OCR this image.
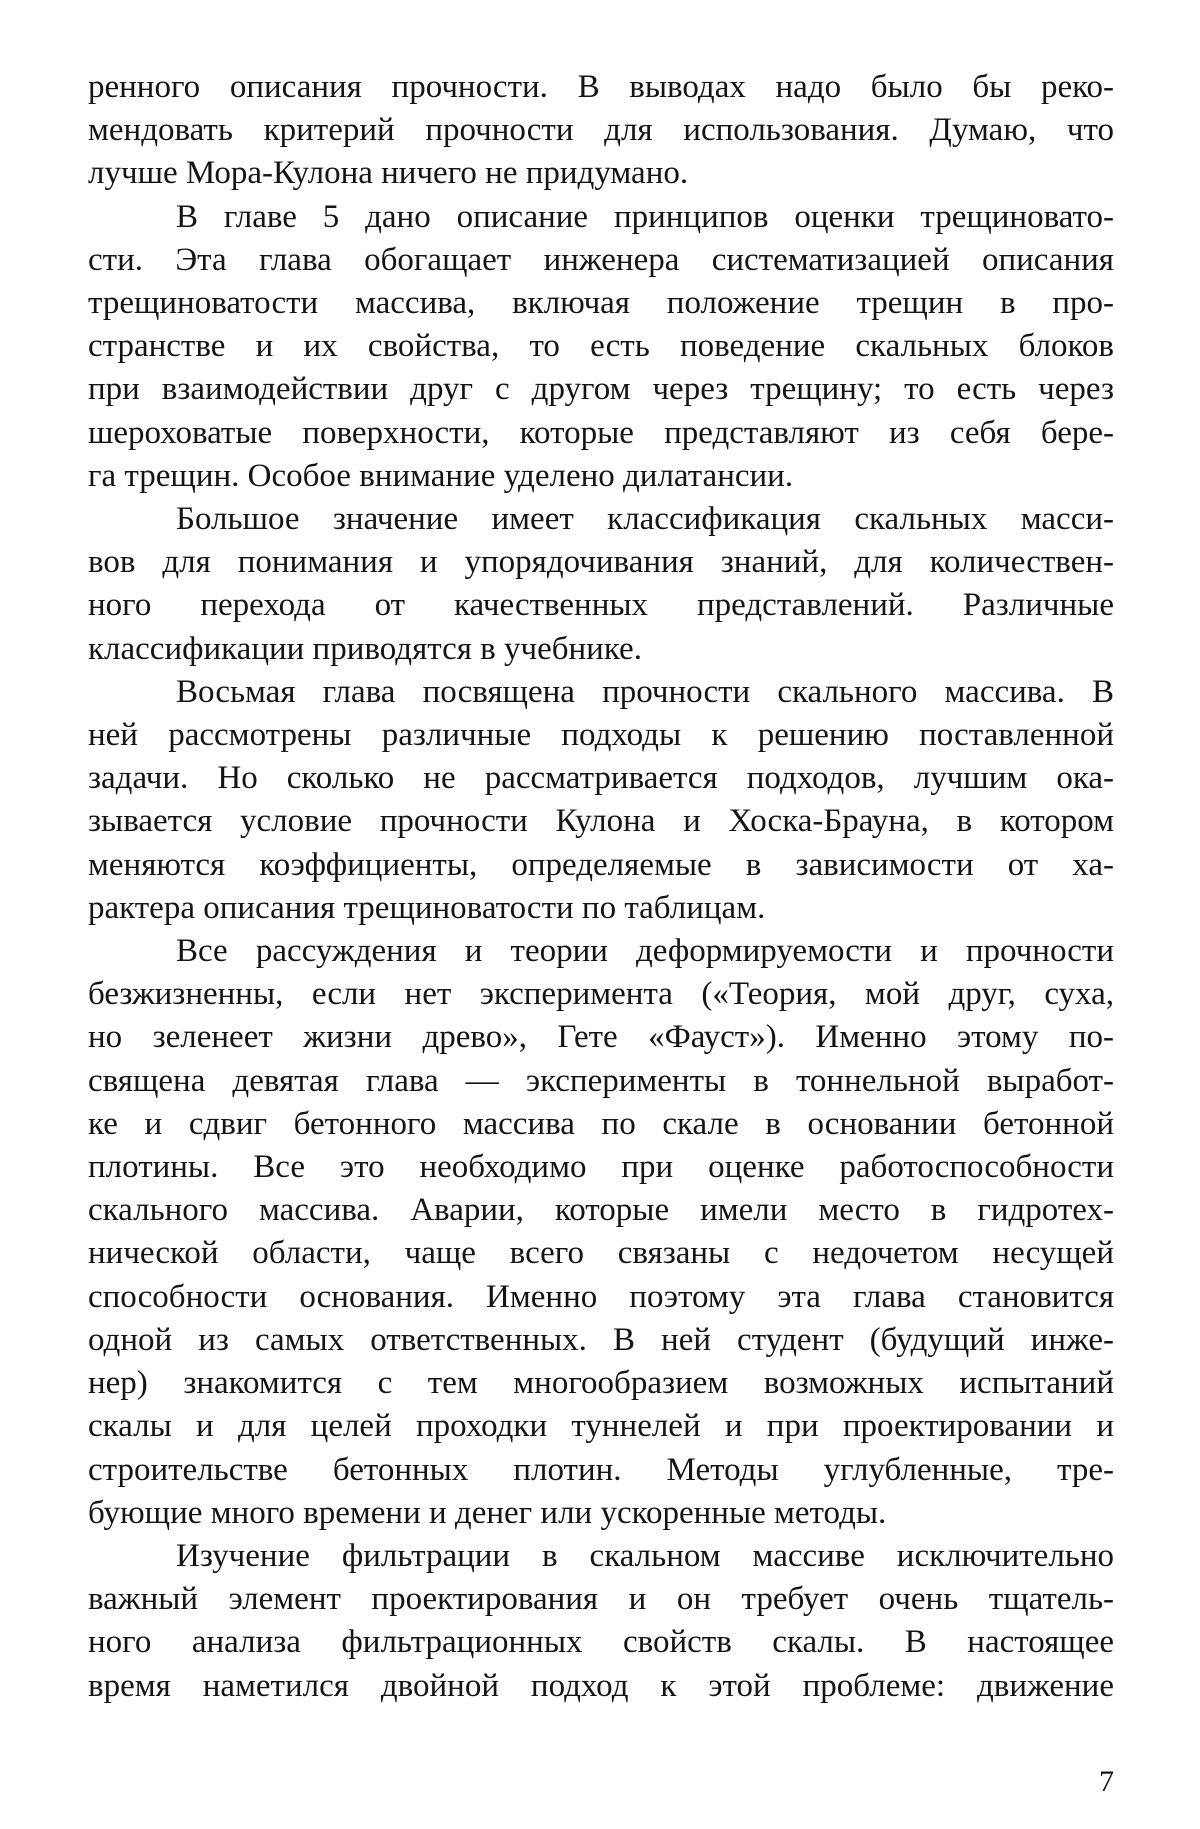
ренного описания прочности. В выводах надо было бы реко-
мендовать критерий прочности для использования. Думаю, что
лучше Мора-Кулона ничего не придумано.
В главе 5 дано описание принципов оценки трещиновато-
сти. Эта глава обогащает инженера систематизацией описания
трещиноватости массива, включая положение трещин в про-
странстве и их свойства, то есть поведение скальных блоков
при взаимодействии друг с другом через трещину; то есть через
шероховатые поверхности, которые представляют из себя бере-
га трещин. Особое внимание уделено дилатансии.
Большое значение имеет классификация скальных масси-
вов для понимания и упорядочивания знаний, для количествен-
ного перехода от качественных представлений. Различные
классификации приводятся в учебнике.
Восьмая глава посвящена прочности скального массива. В
ней рассмотрены различные подходы к решению поставленной
задачи. Но сколько не рассматривается подходов, лучшим ока-
зывается условие прочности Кулона и Хоска-Брауна, в котором
меняются коэффициенты, определяемые в зависимости от ха-
рактера описания трещиноватости по таблицам.
Все рассуждения и теории деформируемости и прочности
безжизненны, если нет эксперимента («Теория, мой друг, суха,
но зеленеет жизни древо», Гете «Фауст»). Именно этому по-
священа девятая глава — эксперименты в тоннельной выработ-
ке и сдвиг бетонного массива по скале в основании бетонной
плотины. Все это необходимо при оценке работоспособности
скального массива. Аварии, которые имели место в гидротех-
нической области, чаще всего связаны с недочетом несущей
способности основания. Именно поэтому эта глава становится
одной из самых ответственных. В ней студент (будущий инже-
нер) знакомится с тем многообразием возможных испытаний
скалы и для целей проходки туннелей и при проектировании и
строительстве бетонных плотин. Методы углубленные, тре-
бующие много времени и денег или ускоренные методы.
Изучение фильтрации в скальном массиве исключительно
важный элемент проектирования и он требует очень тщатель-
ного анализа фильтрационных свойств скалы. В настоящее
время наметился двойной подход к этой проблеме: движение
7
